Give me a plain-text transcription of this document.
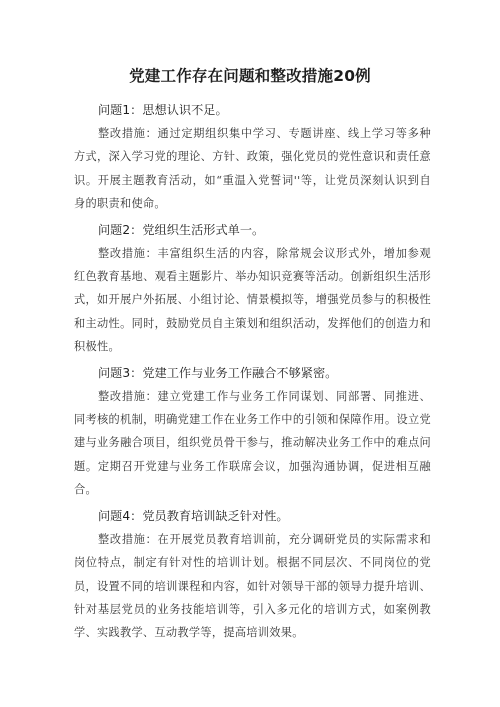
党建工作存在问题和整改措施20例

问题1：思想认识不足。

整改措施：通过定期组织集中学习、专题讲座、线上学习等多种方式，深入学习党的理论、方针、政策，强化党员的党性意识和责任意识。开展主题教育活动，如“重温入党誓词''等，让党员深刻认识到自身的职责和使命。

问题2：党组织生活形式单一。

整改措施：丰富组织生活的内容，除常规会议形式外，增加参观红色教育基地、观看主题影片、举办知识竞赛等活动。创新组织生活形式，如开展户外拓展、小组讨论、情景模拟等，增强党员参与的积极性和主动性。同时，鼓励党员自主策划和组织活动，发挥他们的创造力和积极性。

问题3：党建工作与业务工作融合不够紧密。

整改措施：建立党建工作与业务工作同谋划、同部署、同推进、同考核的机制，明确党建工作在业务工作中的引领和保障作用。设立党建与业务融合项目，组织党员骨干参与，推动解决业务工作中的难点问题。定期召开党建与业务工作联席会议，加强沟通协调，促进相互融合。

问题4：党员教育培训缺乏针对性。

整改措施：在开展党员教育培训前，充分调研党员的实际需求和岗位特点，制定有针对性的培训计划。根据不同层次、不同岗位的党员，设置不同的培训课程和内容，如针对领导干部的领导力提升培训、针对基层党员的业务技能培训等，引入多元化的培训方式，如案例教学、实践教学、互动教学等，提高培训效果。
